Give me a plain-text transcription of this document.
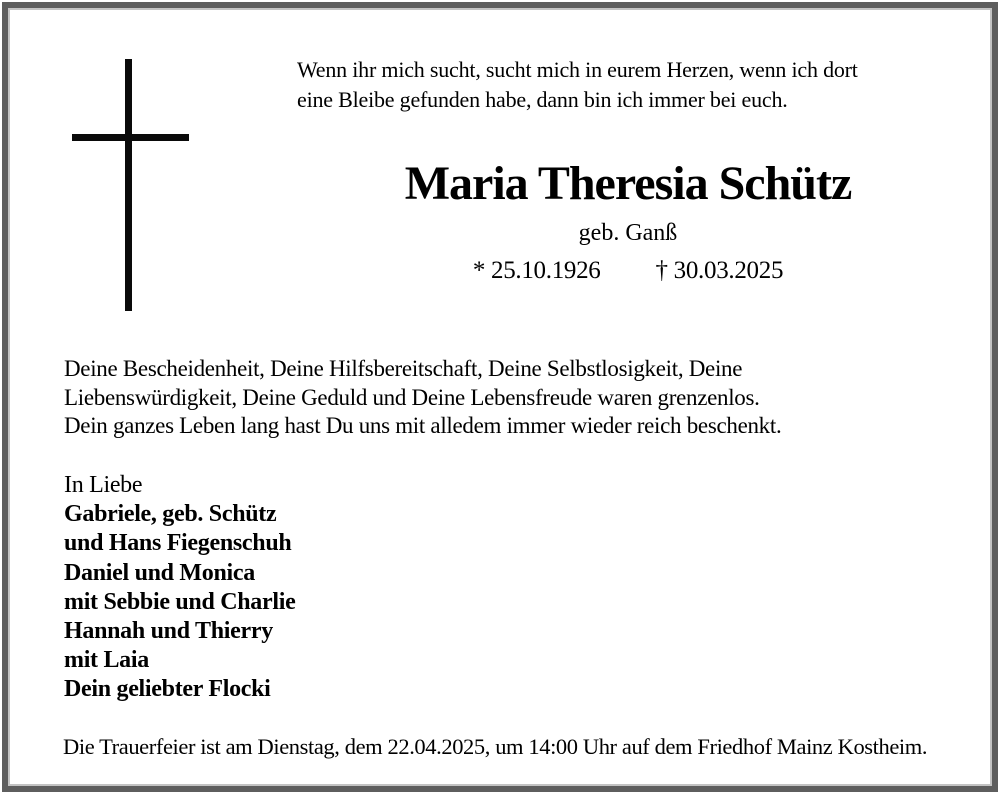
Wenn ihr mich sucht, sucht mich in eurem Herzen, wenn ich dort
eine Bleibe gefunden habe, dann bin ich immer bei euch.
Maria Theresia Schütz
geb. Ganß
* 25.10.1926 † 30.03.2025
Deine Bescheidenheit, Deine Hilfsbereitschaft, Deine Selbstlosigkeit, Deine
Liebenswürdigkeit, Deine Geduld und Deine Lebensfreude waren grenzenlos.
Dein ganzes Leben lang hast Du uns mit alledem immer wieder reich beschenkt.
In Liebe
Gabriele, geb. Schütz
und Hans Fiegenschuh
Daniel und Monica
mit Sebbie und Charlie
Hannah und Thierry
mit Laia
Dein geliebter Flocki
Die Trauerfeier ist am Dienstag, dem 22.04.2025, um 14:00 Uhr auf dem Friedhof Mainz Kostheim.
